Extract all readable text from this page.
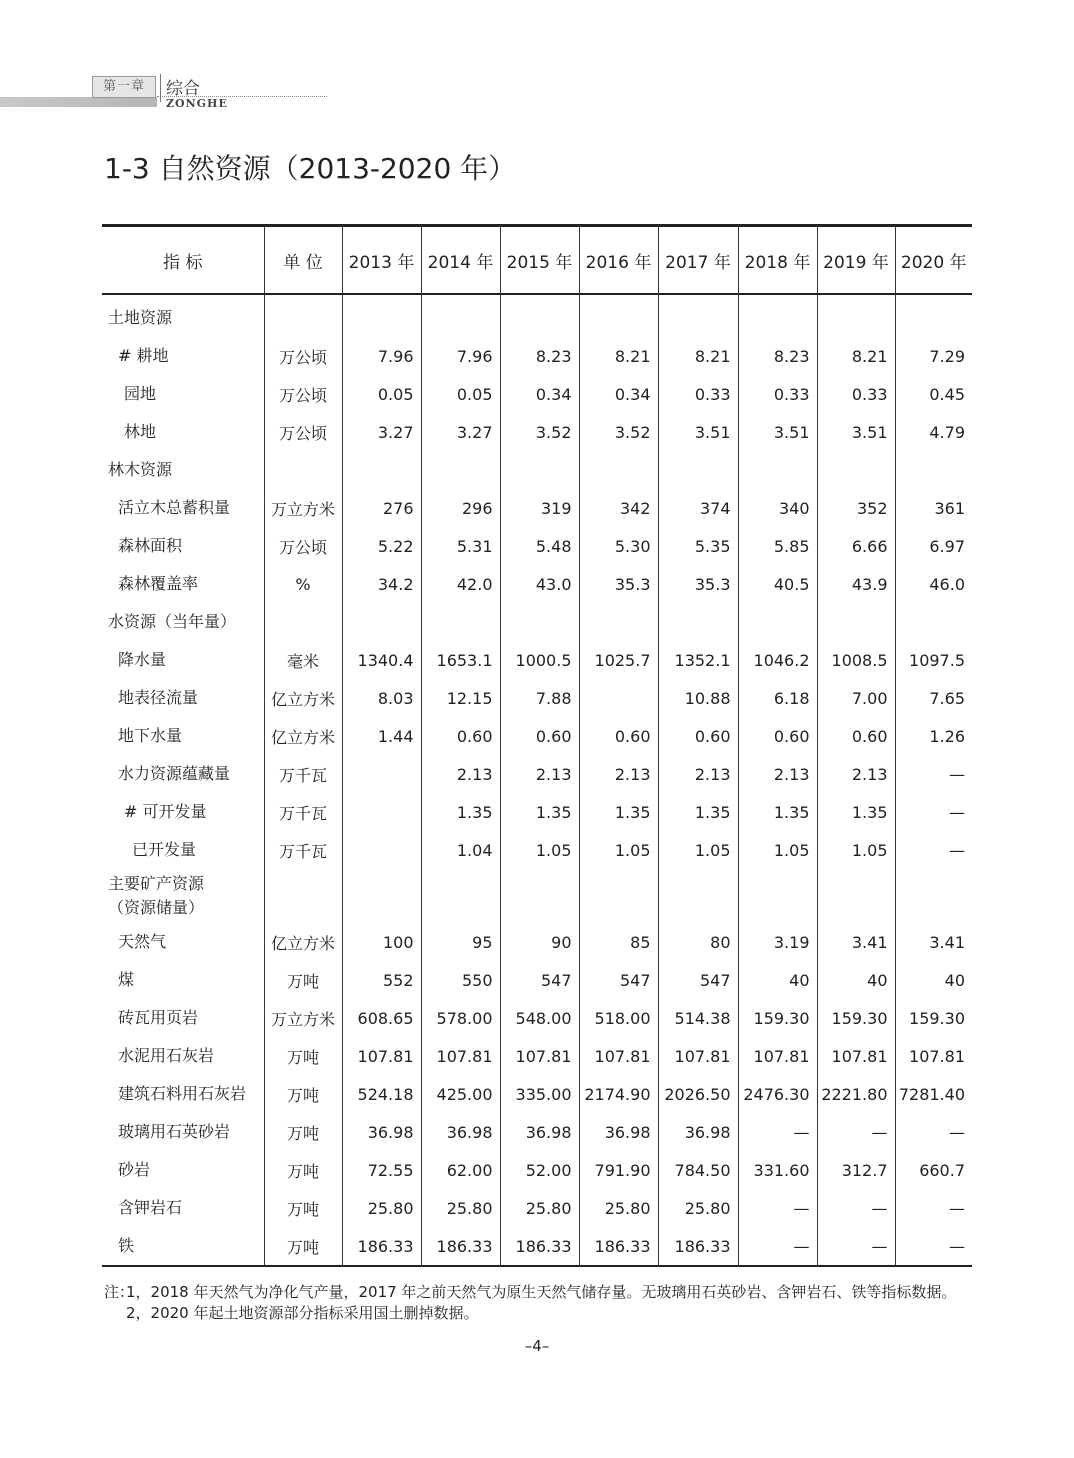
第一章	综合
ZONGHE
1-3 自然资源（2013-2020 年）
指 标	单 位	2013 年	2014 年	2015 年	2016 年	2017 年	2018 年	2019 年	2020 年

土地资源									

# 耕地	万公顷	7.96	7.96	8.23	8.21	8.21	8.23	8.21	7.29

园地	万公顷	0.05	0.05	0.34	0.34	0.33	0.33	0.33	0.45

林地	万公顷	3.27	3.27	3.52	3.52	3.51	3.51	3.51	4.79

林木资源									

活立木总蓄积量	万立方米	276	296	319	342	374	340	352	361

森林面积	万公顷	5.22	5.31	5.48	5.30	5.35	5.85	6.66	6.97

森林覆盖率	%	34.2	42.0	43.0	35.3	35.3	40.5	43.9	46.0

水资源（当年量）									

降水量	毫米	1340.4	1653.1	1000.5	1025.7	1352.1	1046.2	1008.5	1097.5

地表径流量	亿立方米	8.03	12.15	7.88		10.88	6.18	7.00	7.65

地下水量	亿立方米	1.44	0.60	0.60	0.60	0.60	0.60	0.60	1.26

水力资源蕴藏量	万千瓦		2.13	2.13	2.13	2.13	2.13	2.13	—

# 可开发量	万千瓦		1.35	1.35	1.35	1.35	1.35	1.35	—

已开发量	万千瓦		1.04	1.05	1.05	1.05	1.05	1.05	—

主要矿产资源
（资源储量）									

天然气	亿立方米	100	95	90	85	80	3.19	3.41	3.41

煤	万吨	552	550	547	547	547	40	40	40

砖瓦用页岩	万立方米	608.65	578.00	548.00	518.00	514.38	159.30	159.30	159.30

水泥用石灰岩	万吨	107.81	107.81	107.81	107.81	107.81	107.81	107.81	107.81

建筑石料用石灰岩	万吨	524.18	425.00	335.00	2174.90	2026.50	2476.30	2221.80	7281.40

玻璃用石英砂岩	万吨	36.98	36.98	36.98	36.98	36.98	—	—	—

砂岩	万吨	72.55	62.00	52.00	791.90	784.50	331.60	312.7	660.7

含钾岩石	万吨	25.80	25.80	25.80	25.80	25.80	—	—	—

铁	万吨	186.33	186.33	186.33	186.33	186.33	—	—	—
注：
1，2018 年天然气为净化气产量，2017 年之前天然气为原生天然气储存量。无玻璃用石英砂岩、含钾岩石、铁等指标数据。
2，2020 年起土地资源部分指标采用国土删掉数据。
–4–
